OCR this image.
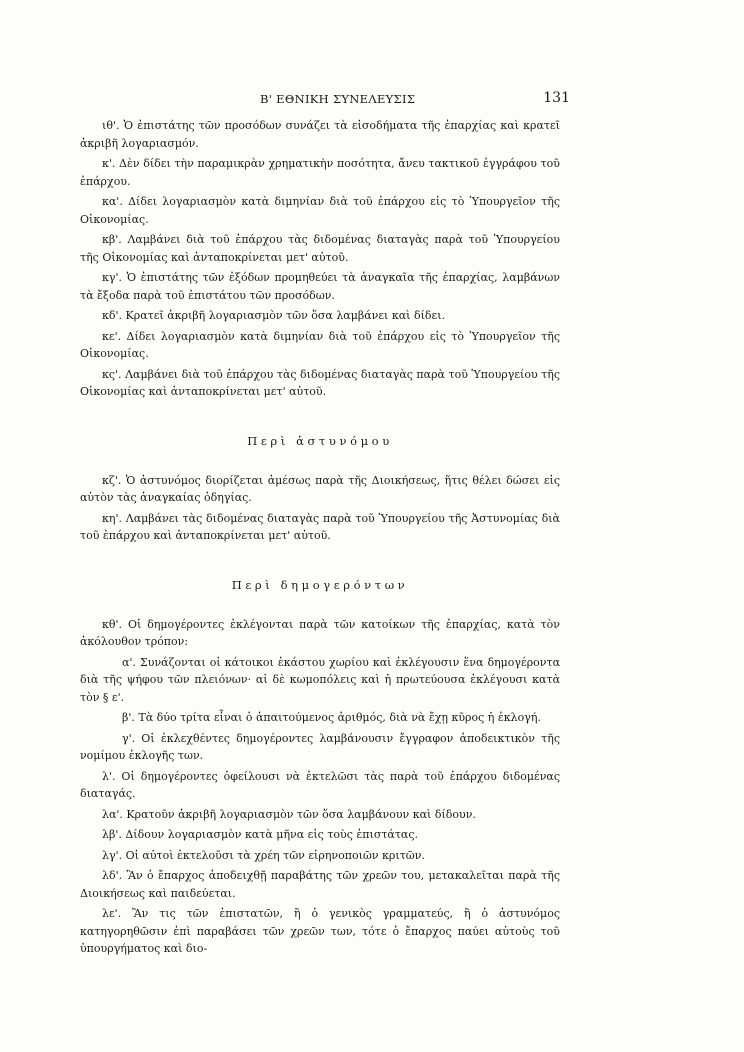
Β' ΕΘΝΙΚΗ ΣΥΝΕΛΕΥΣΙΣ	131

ιθ'. Ὁ ἐπιστάτης τῶν προσόδων συνάζει τὰ εἰσοδήματα τῆς ἐπαρχίας καὶ κρατεῖ ἀκριβῆ λογαριασμόν.

κ'. Δὲν δίδει τὴν παραμικρὰν χρηματικὴν ποσότητα, ἄνευ τακτικοῦ ἐγγράφου τοῦ ἐπάρχου.

κα'. Δίδει λογαριασμὸν κατὰ διμηνίαν διὰ τοῦ ἐπάρχου εἰς τὸ Ὑπουργεῖον τῆς Οἰκονομίας.

κβ'. Λαμβάνει διὰ τοῦ ἐπάρχου τὰς διδομένας διαταγὰς παρὰ τοῦ Ὑπουργείου τῆς Οἰκονομίας καὶ ἀνταποκρίνεται μετ' αὐτοῦ.

κγ'. Ὁ ἐπιστάτης τῶν ἐξόδων προμηθεύει τὰ ἀναγκαῖα τῆς ἐπαρχίας, λαμβάνων τὰ ἔξοδα παρὰ τοῦ ἐπιστάτου τῶν προσόδων.

κδ'. Κρατεῖ ἀκριβῆ λογαριασμὸν τῶν ὅσα λαμβάνει καὶ δίδει.

κε'. Δίδει λογαριασμὸν κατὰ διμηνίαν διὰ τοῦ ἐπάρχου εἰς τὸ Ὑπουργεῖον τῆς Οἰκονομίας.

κς'. Λαμβάνει διὰ τοῦ ἐπάρχου τὰς διδομένας διαταγὰς παρὰ τοῦ Ὑπουργείου τῆς Οἰκονομίας καὶ ἀνταποκρίνεται μετ' αὐτοῦ.

Περὶ ἀστυνόμου

κζ'. Ὁ ἀστυνόμος διορίζεται ἀμέσως παρὰ τῆς Διοικήσεως, ἥτις θέλει δώσει εἰς αὐτὸν τὰς ἀναγκαίας ὁδηγίας.

κη'. Λαμβάνει τὰς διδομένας διαταγὰς παρὰ τοῦ Ὑπουργείου τῆς Ἀστυνομίας διὰ τοῦ ἐπάρχου καὶ ἀνταποκρίνεται μετ' αὐτοῦ.

Περὶ δημογερόντων

κθ'. Οἱ δημογέροντες ἐκλέγονται παρὰ τῶν κατοίκων τῆς ἐπαρχίας, κατὰ τὸν ἀκόλουθον τρόπον:

α'. Συνάζονται οἱ κάτοικοι ἑκάστου χωρίου καὶ ἐκλέγουσιν ἕνα δημογέροντα διὰ τῆς ψήφου τῶν πλειόνων· αἱ δὲ κωμοπόλεις καὶ ἡ πρωτεύουσα ἐκλέγουσι κατὰ τὸν § ε'.

β'. Τὰ δύο τρίτα εἶναι ὁ ἀπαιτούμενος ἀριθμός, διὰ νὰ ἔχῃ κῦρος ἡ ἐκλογή.

γ'. Οἱ ἐκλεχθέντες δημογέροντες λαμβάνουσιν ἔγγραφον ἀποδεικτικὸν τῆς νομίμου ἐκλογῆς των.

λ'. Οἱ δημογέροντες ὀφείλουσι νὰ ἐκτελῶσι τὰς παρὰ τοῦ ἐπάρχου διδομένας διαταγάς.

λα'. Κρατοῦν ἀκριβῆ λογαριασμὸν τῶν ὅσα λαμβάνουν καὶ δίδουν.

λβ'. Δίδουν λογαριασμὸν κατὰ μῆνα εἰς τοὺς ἐπιστάτας.

λγ'. Οἱ αὐτοὶ ἐκτελοῦσι τὰ χρέη τῶν εἰρηνοποιῶν κριτῶν.

λδ'. Ἂν ὁ ἔπαρχος ἀποδειχθῇ παραβάτης τῶν χρεῶν του, μετακαλεῖται παρὰ τῆς Διοικήσεως καὶ παιδεύεται.

λε'. Ἂν τις τῶν ἐπιστατῶν, ἢ ὁ γενικὸς γραμματεύς, ἢ ὁ ἀστυνόμος κατηγορηθῶσιν ἐπὶ παραβάσει τῶν χρεῶν των, τότε ὁ ἔπαρχος παύει αὐτοὺς τοῦ ὑπουργήματος καὶ διο-
